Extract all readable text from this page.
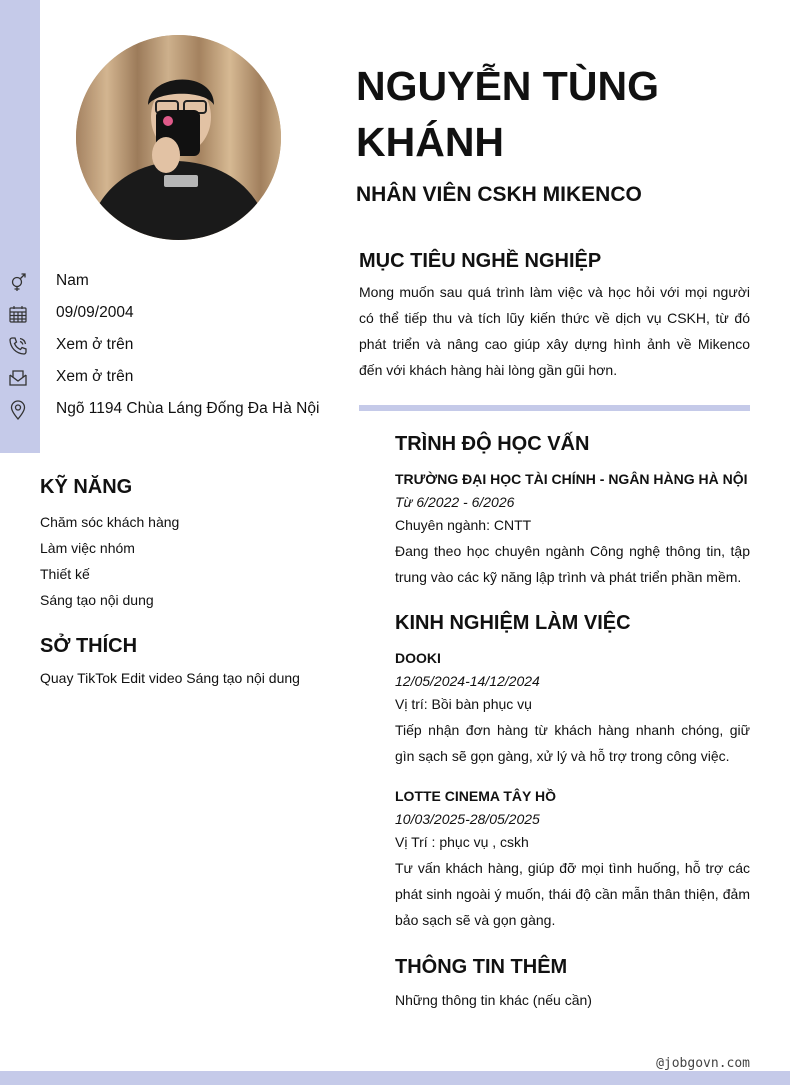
Nam
09/09/2004
Xem ở trên
Xem ở trên
Ngõ 1194 Chùa Láng Đống Đa Hà Nội
KỸ NĂNG
Chăm sóc khách hàng
Làm việc nhóm
Thiết kế
Sáng tạo nội dung
SỞ THÍCH

Quay TikTok Edit video Sáng tạo nội dung

NGUYỄN TÙNG KHÁNH
NHÂN VIÊN CSKH MIKENCO
MỤC TIÊU NGHỀ NGHIỆP

Mong muốn sau quá trình làm việc và học hỏi với mọi người có thể tiếp thu và tích lũy kiến thức về dịch vụ CSKH, từ đó phát triển và nâng cao giúp xây dựng hình ảnh về Mikenco đến với khách hàng hài lòng gần gũi hơn.

TRÌNH ĐỘ HỌC VẤN

TRƯỜNG ĐẠI HỌC TÀI CHÍNH - NGÂN HÀNG HÀ NỘI

Từ 6/2022 - 6/2026

Chuyên ngành: CNTT

Đang theo học chuyên ngành Công nghệ thông tin, tập trung vào các kỹ năng lập trình và phát triển phần mềm.

KINH NGHIỆM LÀM VIỆC

DOOKI

12/05/2024-14/12/2024

Vị trí: Bồi bàn phục vụ

Tiếp nhận đơn hàng từ khách hàng nhanh chóng, giữ gìn sạch sẽ gọn gàng, xử lý và hỗ trợ trong công việc.

LOTTE CINEMA TÂY HỒ

10/03/2025-28/05/2025

Vị Trí : phục vụ , cskh

Tư vấn khách hàng, giúp đỡ mọi tình huống, hỗ trợ các phát sinh ngoài ý muốn, thái độ cần mẫn thân thiện, đảm bảo sạch sẽ và gọn gàng.

THÔNG TIN THÊM

Những thông tin khác (nếu cần)

@jobgovn.com
